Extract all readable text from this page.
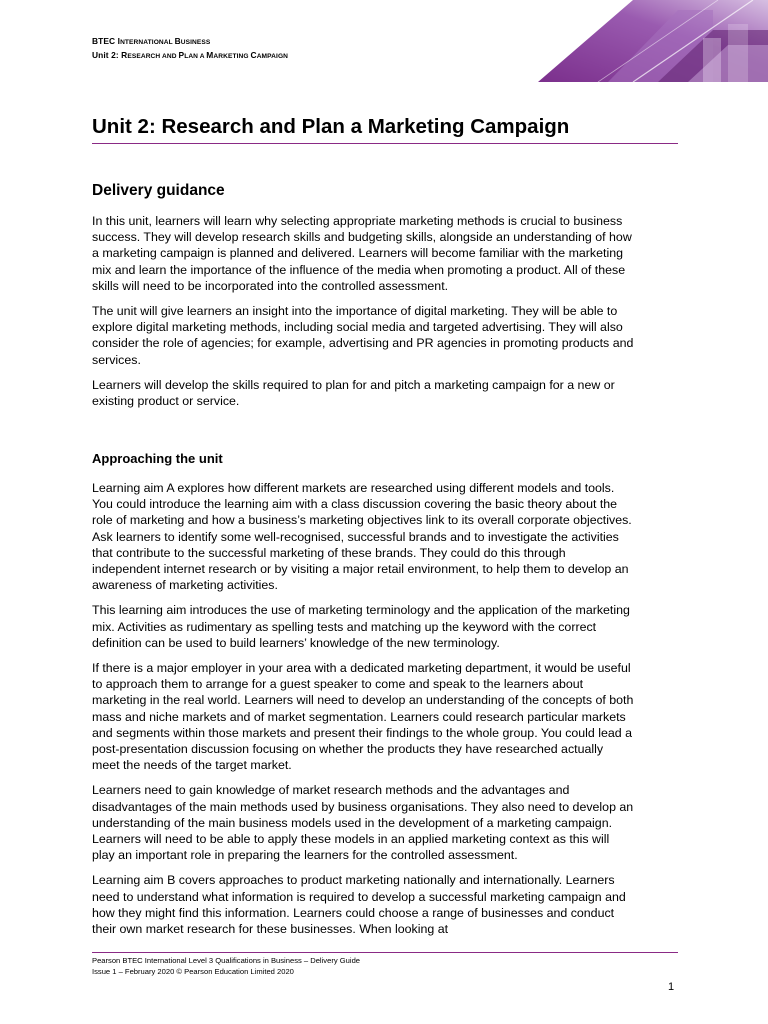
BTEC INTERNATIONAL BUSINESS
Unit 2: RESEARCH AND PLAN A MARKETING CAMPAIGN
Unit 2: Research and Plan a Marketing Campaign
Delivery guidance

In this unit, learners will learn why selecting appropriate marketing methods is crucial to business success. They will develop research skills and budgeting skills, alongside an understanding of how a marketing campaign is planned and delivered. Learners will become familiar with the marketing mix and learn the importance of the influence of the media when promoting a product. All of these skills will need to be incorporated into the controlled assessment.

The unit will give learners an insight into the importance of digital marketing. They will be able to explore digital marketing methods, including social media and targeted advertising. They will also consider the role of agencies; for example, advertising and PR agencies in promoting products and services.

Learners will develop the skills required to plan for and pitch a marketing campaign for a new or existing product or service.

Approaching the unit

Learning aim A explores how different markets are researched using different models and tools. You could introduce the learning aim with a class discussion covering the basic theory about the role of marketing and how a business’s marketing objectives link to its overall corporate objectives. Ask learners to identify some well-recognised, successful brands and to investigate the activities that contribute to the successful marketing of these brands. They could do this through independent internet research or by visiting a major retail environment, to help them to develop an awareness of marketing activities.

This learning aim introduces the use of marketing terminology and the application of the marketing mix. Activities as rudimentary as spelling tests and matching up the keyword with the correct definition can be used to build learners’ knowledge of the new terminology.

If there is a major employer in your area with a dedicated marketing department, it would be useful to approach them to arrange for a guest speaker to come and speak to the learners about marketing in the real world. Learners will need to develop an understanding of the concepts of both mass and niche markets and of market segmentation. Learners could research particular markets and segments within those markets and present their findings to the whole group. You could lead a post-presentation discussion focusing on whether the products they have researched actually meet the needs of the target market.

Learners need to gain knowledge of market research methods and the advantages and disadvantages of the main methods used by business organisations. They also need to develop an understanding of the main business models used in the development of a marketing campaign. Learners will need to be able to apply these models in an applied marketing context as this will play an important role in preparing the learners for the controlled assessment.

Learning aim B covers approaches to product marketing nationally and internationally. Learners need to understand what information is required to develop a successful marketing campaign and how they might find this information. Learners could choose a range of businesses and conduct their own market research for these businesses. When looking at

Pearson BTEC International Level 3 Qualifications in Business – Delivery Guide
Issue 1 – February 2020 © Pearson Education Limited 2020
1
